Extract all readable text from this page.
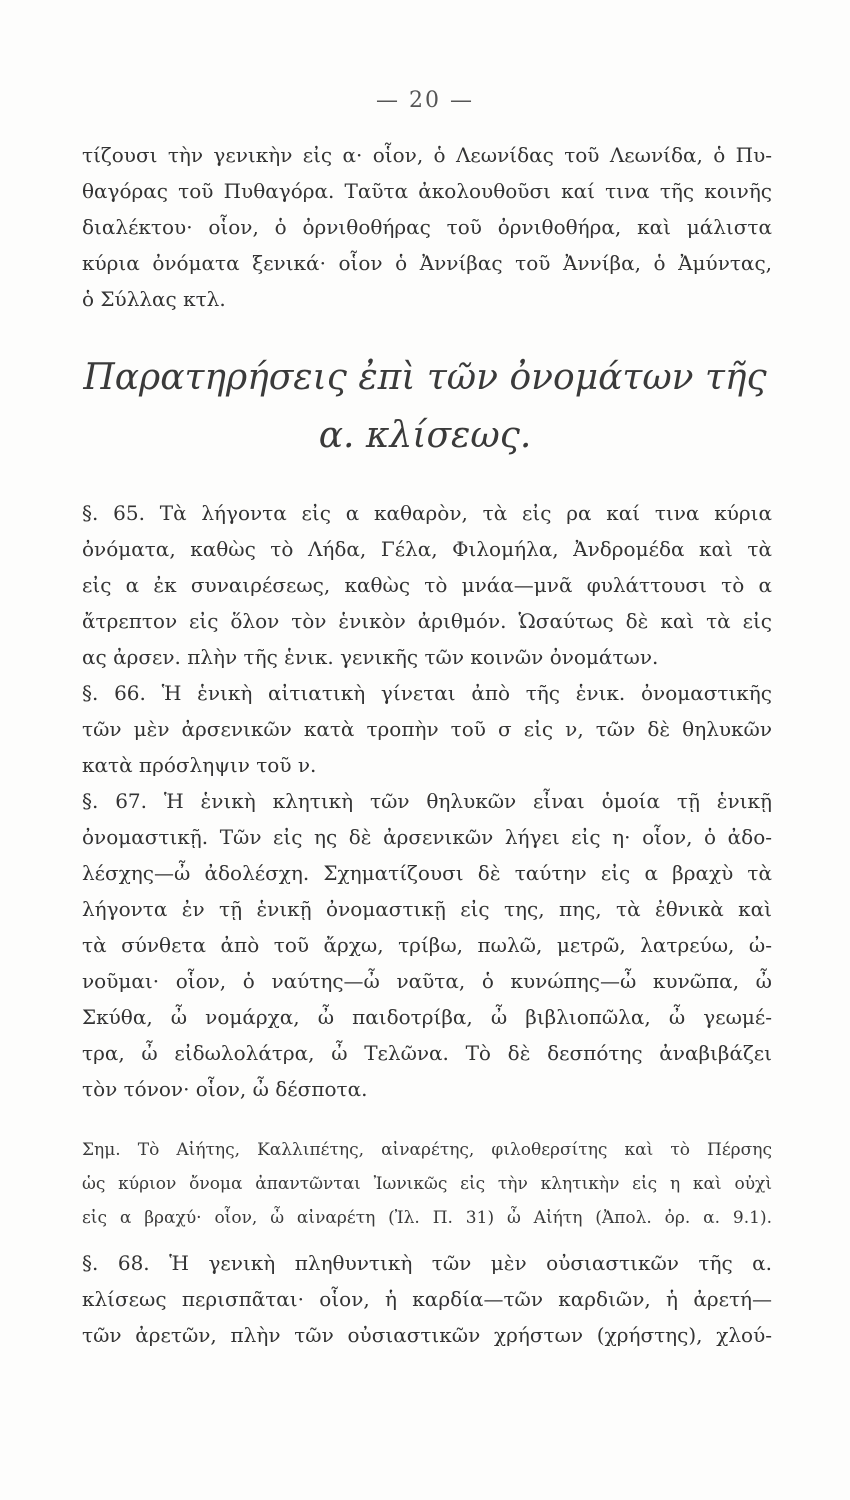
— 20 —
τίζουσι τὴν γενικὴν εἰς α· οἷον, ὁ Λεωνίδας τοῦ Λεωνίδα, ὁ Πυ-
θαγόρας τοῦ Πυθαγόρα. Ταῦτα ἀκολουθοῦσι καί τινα τῆς κοινῆς
διαλέκτου· οἷον, ὁ ὀρνιθοθήρας τοῦ ὀρνιθοθήρα, καὶ μάλιστα
κύρια ὀνόματα ξενικά· οἷον ὁ Ἀννίβας τοῦ Ἀννίβα, ὁ Ἀμύντας,
ὁ Σύλλας κτλ.
Παρατηρήσεις ἐπὶ τῶν ὀνομάτων τῆς
α. κλίσεως.
§. 65. Τὰ λήγοντα εἰς α καθαρὸν, τὰ εἰς ρα καί τινα κύρια
ὀνόματα, καθὼς τὸ Λήδα, Γέλα, Φιλομήλα, Ἀνδρομέδα καὶ τὰ
εἰς α ἐκ συναιρέσεως, καθὼς τὸ μνάα—μνᾶ φυλάττουσι τὸ α
ἄτρεπτον εἰς ὅλον τὸν ἑνικὸν ἀριθμόν. Ὡσαύτως δὲ καὶ τὰ εἰς
ας ἀρσεν. πλὴν τῆς ἑνικ. γενικῆς τῶν κοινῶν ὀνομάτων.
§. 66. Ἡ ἑνικὴ αἰτιατικὴ γίνεται ἀπὸ τῆς ἑνικ. ὀνομαστικῆς
τῶν μὲν ἀρσενικῶν κατὰ τροπὴν τοῦ σ εἰς ν, τῶν δὲ θηλυκῶν
κατὰ πρόσληψιν τοῦ ν.
§. 67. Ἡ ἑνικὴ κλητικὴ τῶν θηλυκῶν εἶναι ὁμοία τῇ ἑνικῇ
ὀνομαστικῇ. Τῶν εἰς ης δὲ ἀρσενικῶν λήγει εἰς η· οἷον, ὁ ἀδο-
λέσχης—ὦ ἀδολέσχη. Σχηματίζουσι δὲ ταύτην εἰς α βραχὺ τὰ
λήγοντα ἐν τῇ ἑνικῇ ὀνομαστικῇ εἰς της, πης, τὰ ἐθνικὰ καὶ
τὰ σύνθετα ἀπὸ τοῦ ἄρχω, τρίβω, πωλῶ, μετρῶ, λατρεύω, ὠ-
νοῦμαι· οἷον, ὁ ναύτης—ὦ ναῦτα, ὁ κυνώπης—ὦ κυνῶπα, ὦ
Σκύθα, ὦ νομάρχα, ὦ παιδοτρίβα, ὦ βιβλιοπῶλα, ὦ γεωμέ-
τρα, ὦ εἰδωλολάτρα, ὦ Τελῶνα. Τὸ δὲ δεσπότης ἀναβιβάζει
τὸν τόνον· οἷον, ὦ δέσποτα.
Σημ. Τὸ Αἰήτης, Καλλιπέτης, αἰναρέτης, φιλοθερσίτης καὶ τὸ Πέρσης
ὡς κύριον ὄνομα ἀπαντῶνται Ἰωνικῶς εἰς τὴν κλητικὴν εἰς η καὶ οὐχὶ
εἰς α βραχύ· οἷον, ὦ αἰναρέτη (Ἰλ. Π. 31) ὦ Αἰήτη (Ἀπολ. ὀρ. α. 9.1).
§. 68. Ἡ γενικὴ πληθυντικὴ τῶν μὲν οὐσιαστικῶν τῆς α.
κλίσεως περισπᾶται· οἷον, ἡ καρδία—τῶν καρδιῶν, ἡ ἀρετή—
τῶν ἀρετῶν, πλὴν τῶν οὐσιαστικῶν χρήστων (χρήστης), χλού-
